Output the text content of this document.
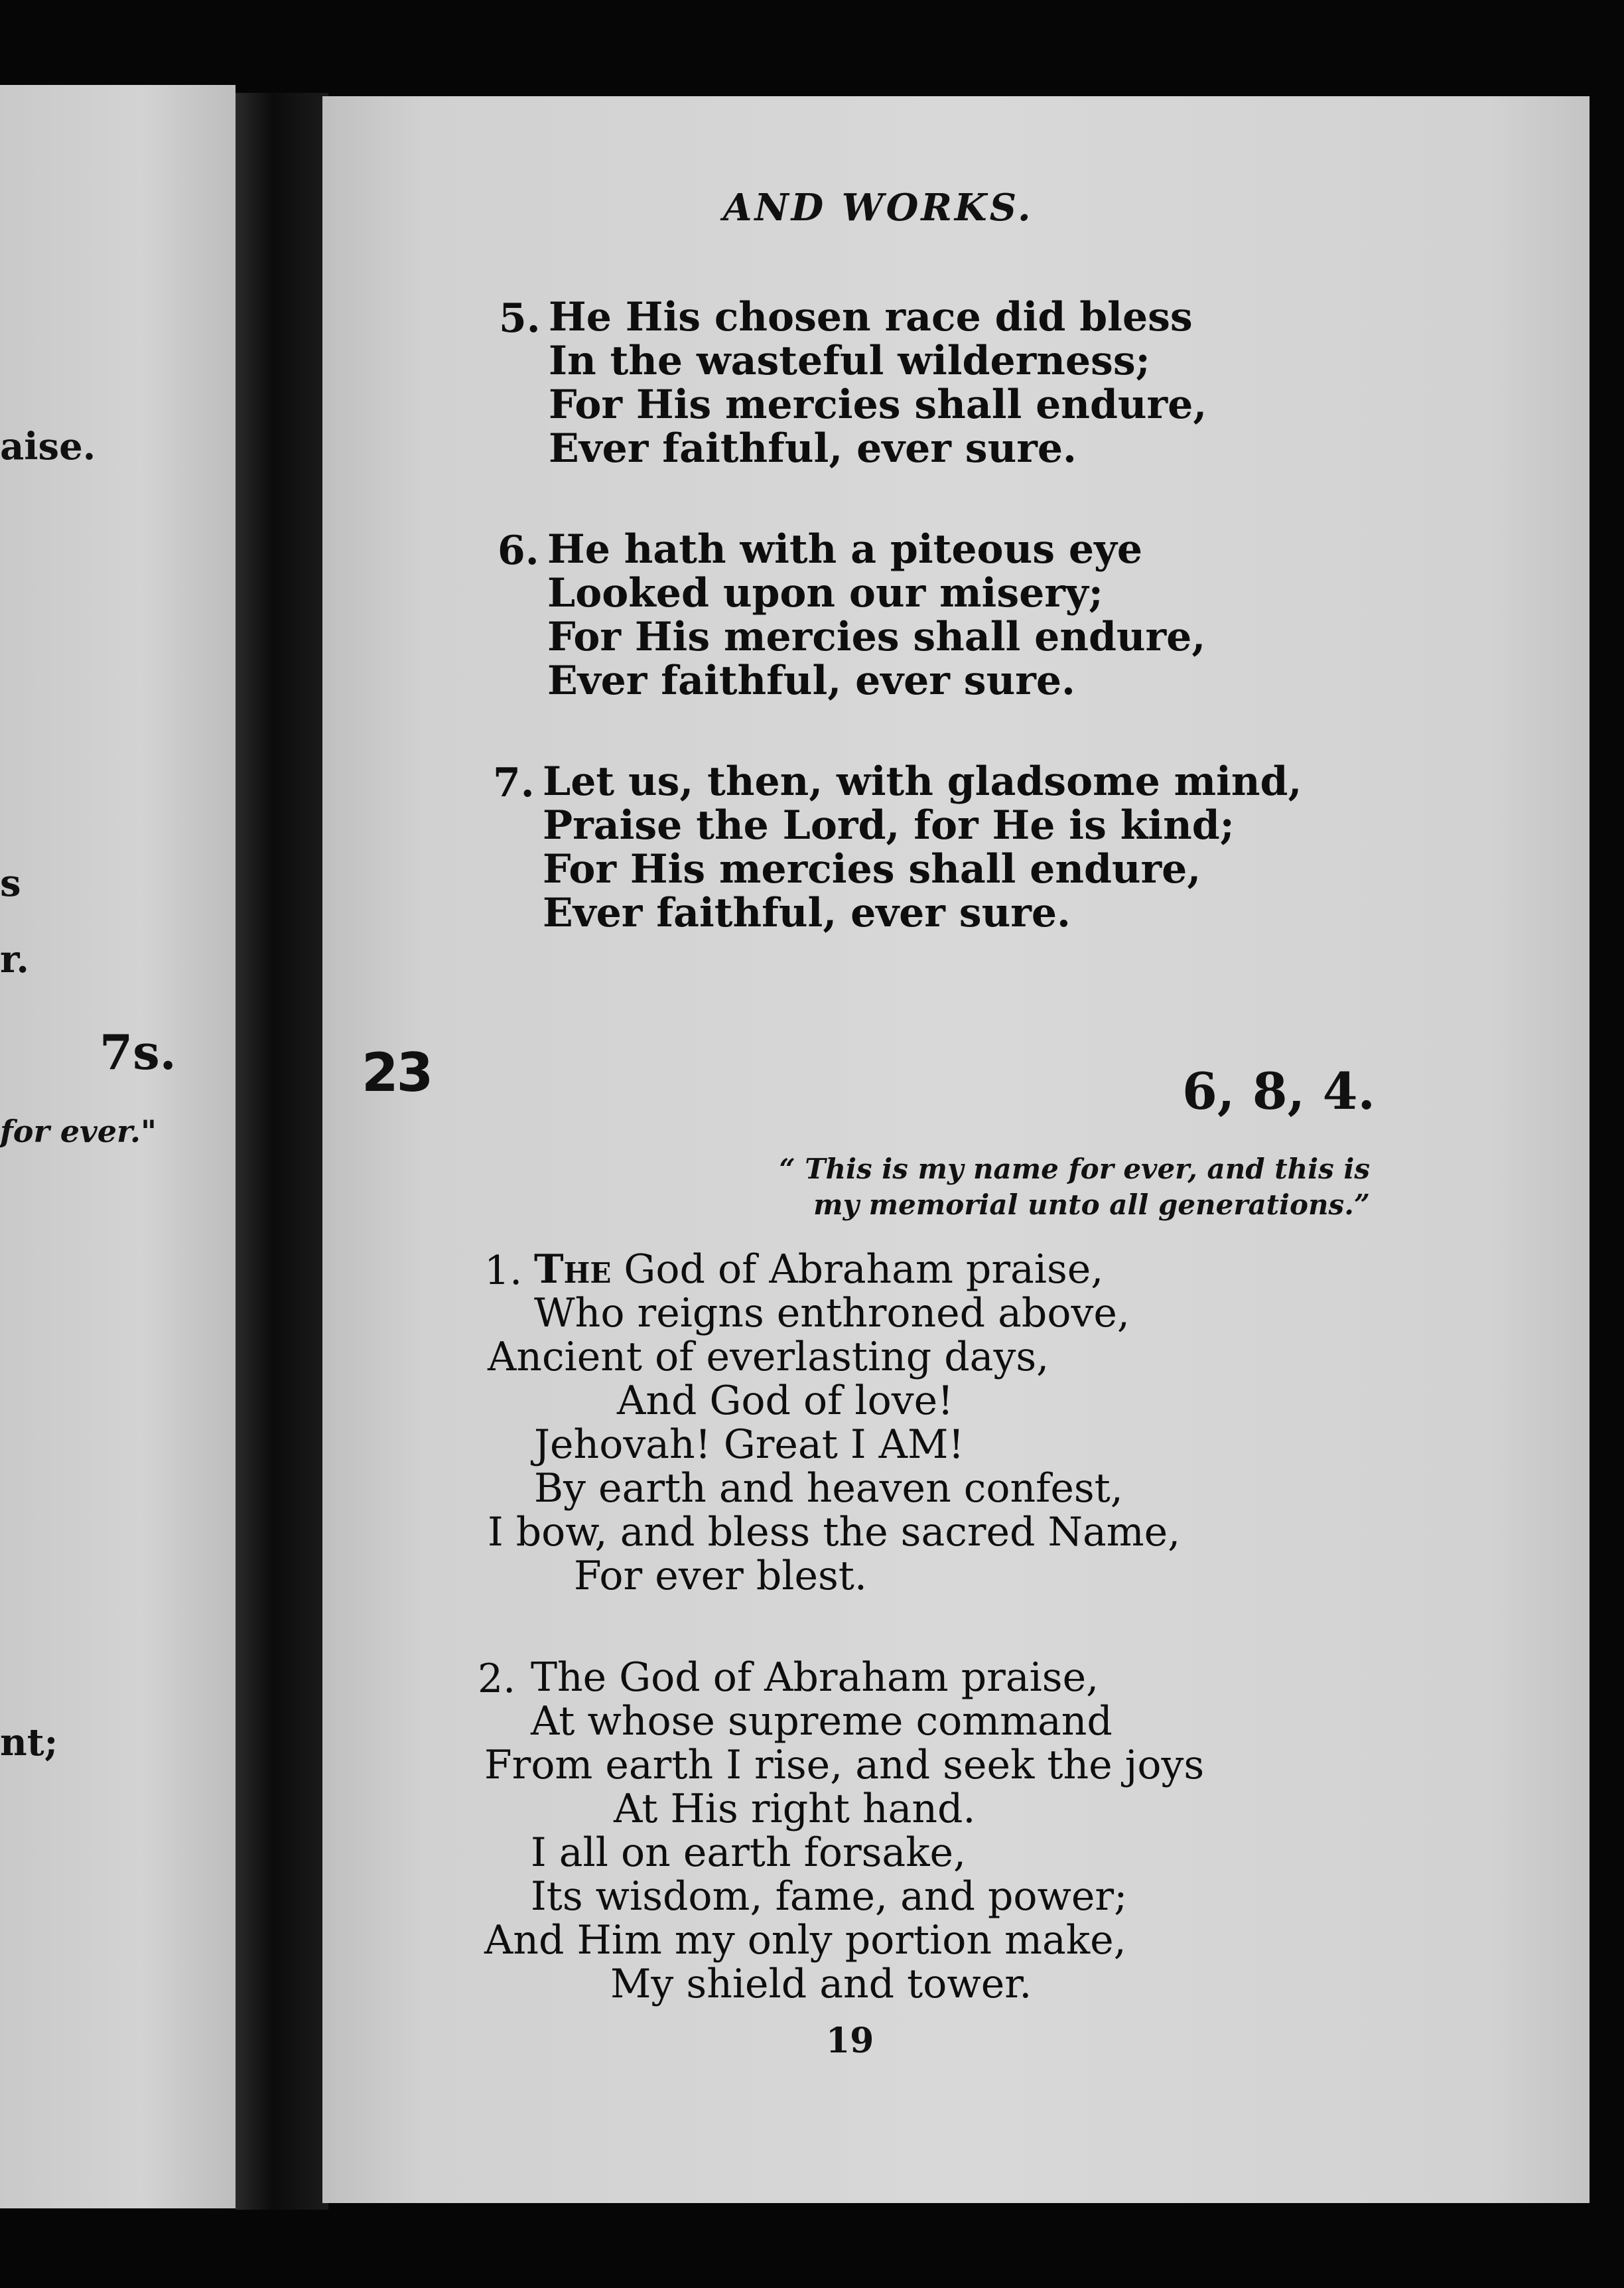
aise.
s
r.
7s.
for ever."
nt;
AND WORKS.
5. He His chosen race did bless
In the wasteful wilderness;
For His mercies shall endure,
Ever faithful, ever sure.
6. He hath with a piteous eye
Looked upon our misery;
For His mercies shall endure,
Ever faithful, ever sure.
7. Let us, then, with gladsome mind,
Praise the Lord, for He is kind;
For His mercies shall endure,
Ever faithful, ever sure.
23	6, 8, 4.
“ This is my name for ever, and this is
my memorial unto all generations.”
1. The God of Abraham praise,
Who reigns enthroned above,
Ancient of everlasting days,
And God of love!
Jehovah! Great I AM!
By earth and heaven confest,
I bow, and bless the sacred Name,
For ever blest.
2. The God of Abraham praise,
At whose supreme command
From earth I rise, and seek the joys
At His right hand.
I all on earth forsake,
Its wisdom, fame, and power;
And Him my only portion make,
My shield and tower.
19
